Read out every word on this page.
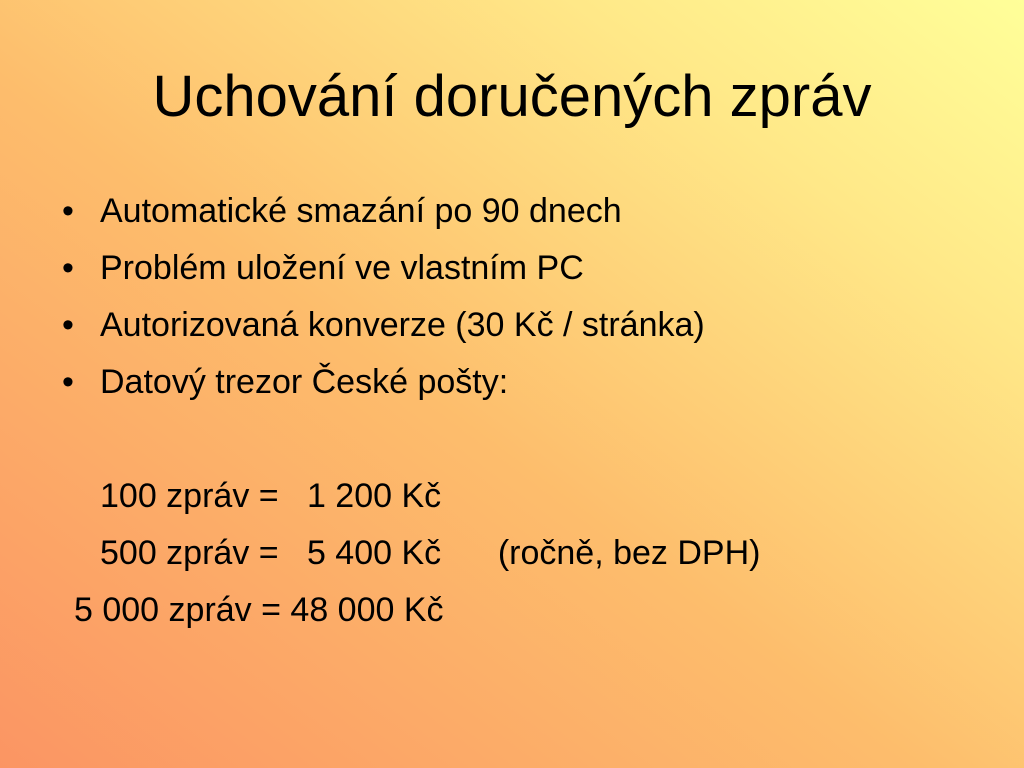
Uchování doručených zpráv
• Automatické smazání po 90 dnech
• Problém uložení ve vlastním PC
• Autorizovaná konverze (30 Kč / stránka)
• Datový trezor České pošty:
100 zpráv =   1 200 Kč
500 zpráv =   5 400 Kč      (ročně, bez DPH)
5 000 zpráv = 48 000 Kč
